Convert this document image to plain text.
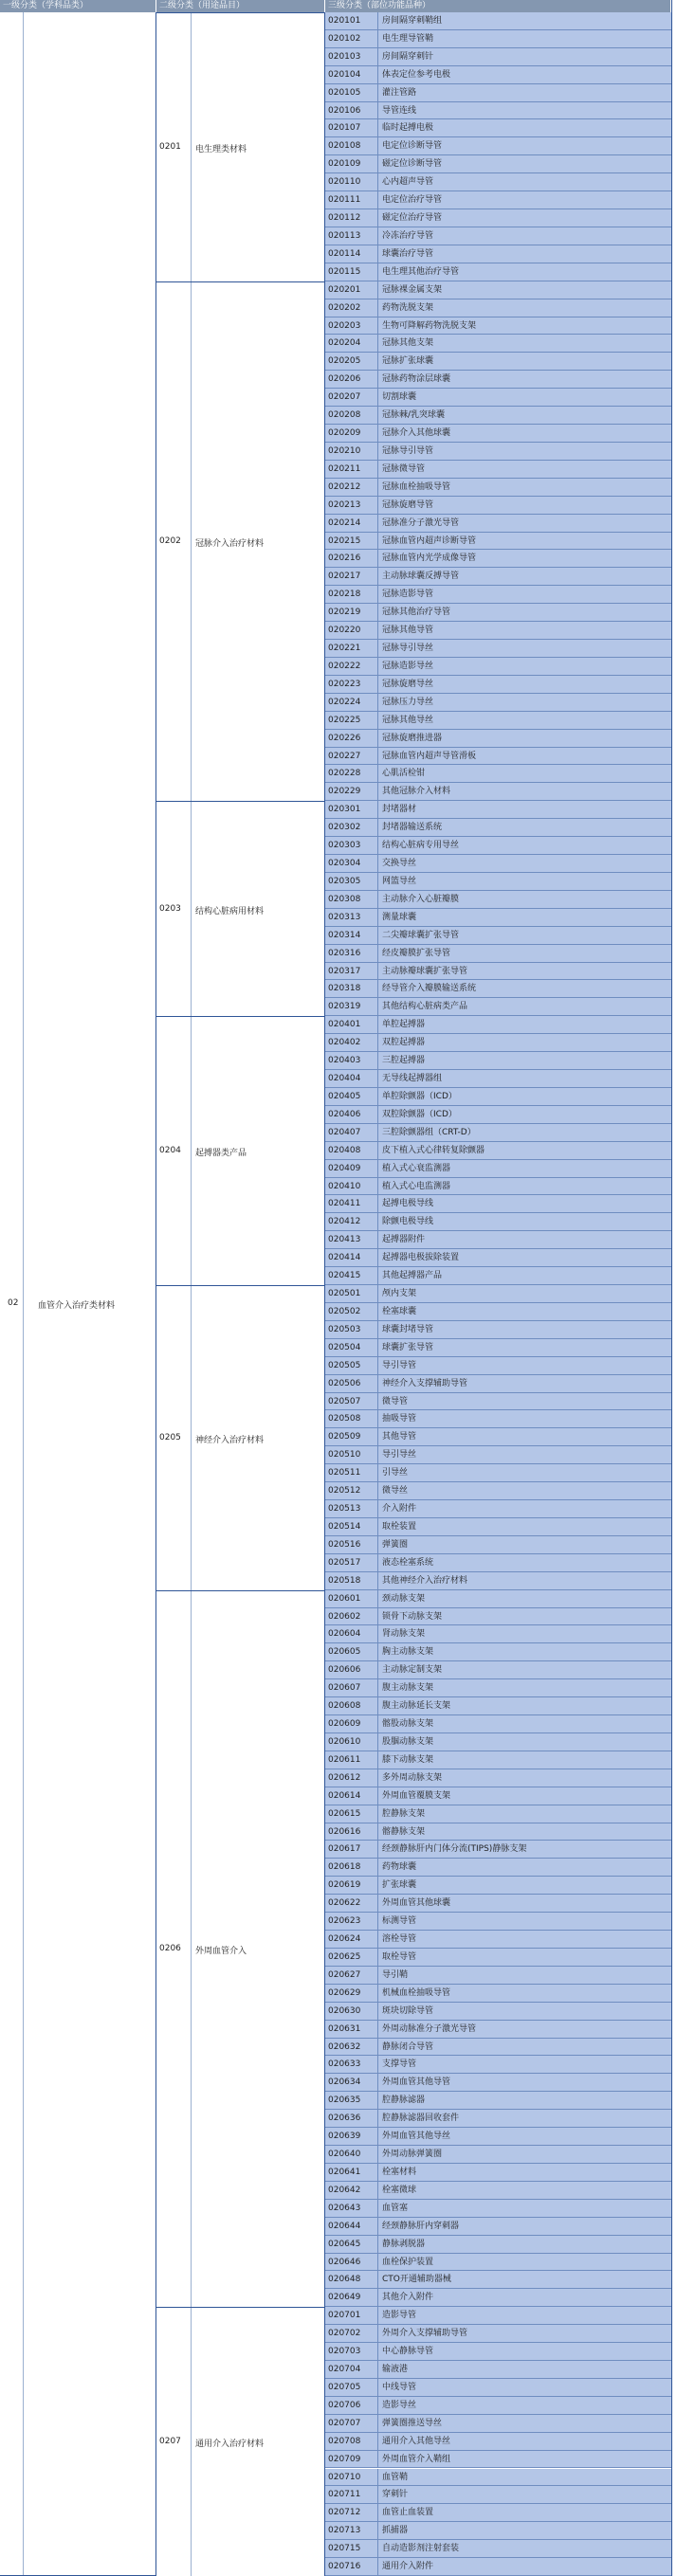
一级分类（学科品类）	二级分类（用途品目）	三级分类（部位功能品种）
02 血管介入治疗类材料
0201 电生理类材料
020101	房间隔穿刺鞘组
020102	电生理导管鞘
020103	房间隔穿刺针
020104	体表定位参考电极
020105	灌注管路
020106	导管连线
020107	临时起搏电极
020108	电定位诊断导管
020109	磁定位诊断导管
020110	心内超声导管
020111	电定位治疗导管
020112	磁定位治疗导管
020113	冷冻治疗导管
020114	球囊治疗导管
020115	电生理其他治疗导管
0202 冠脉介入治疗材料
020201	冠脉裸金属支架
020202	药物洗脱支架
020203	生物可降解药物洗脱支架
020204	冠脉其他支架
020205	冠脉扩张球囊
020206	冠脉药物涂层球囊
020207	切割球囊
020208	冠脉棘/乳突球囊
020209	冠脉介入其他球囊
020210	冠脉导引导管
020211	冠脉微导管
020212	冠脉血栓抽吸导管
020213	冠脉旋磨导管
020214	冠脉准分子激光导管
020215	冠脉血管内超声诊断导管
020216	冠脉血管内光学成像导管
020217	主动脉球囊反搏导管
020218	冠脉造影导管
020219	冠脉其他治疗导管
020220	冠脉其他导管
020221	冠脉导引导丝
020222	冠脉造影导丝
020223	冠脉旋磨导丝
020224	冠脉压力导丝
020225	冠脉其他导丝
020226	冠脉旋磨推进器
020227	冠脉血管内超声导管滑板
020228	心肌活检钳
020229	其他冠脉介入材料
0203 结构心脏病用材料
020301	封堵器材
020302	封堵器输送系统
020303	结构心脏病专用导丝
020304	交换导丝
020305	网篮导丝
020308	主动脉介入心脏瓣膜
020313	测量球囊
020314	二尖瓣球囊扩张导管
020316	经皮瓣膜扩张导管
020317	主动脉瓣球囊扩张导管
020318	经导管介入瓣膜输送系统
020319	其他结构心脏病类产品
0204 起搏器类产品
020401	单腔起搏器
020402	双腔起搏器
020403	三腔起搏器
020404	无导线起搏器组
020405	单腔除颤器（ICD）
020406	双腔除颤器（ICD）
020407	三腔除颤器组（CRT-D）
020408	皮下植入式心律转复除颤器
020409	植入式心衰监测器
020410	植入式心电监测器
020411	起搏电极导线
020412	除颤电极导线
020413	起搏器附件
020414	起搏器电极拔除装置
020415	其他起搏器产品
0205 神经介入治疗材料
020501	颅内支架
020502	栓塞球囊
020503	球囊封堵导管
020504	球囊扩张导管
020505	导引导管
020506	神经介入支撑辅助导管
020507	微导管
020508	抽吸导管
020509	其他导管
020510	导引导丝
020511	引导丝
020512	微导丝
020513	介入附件
020514	取栓装置
020516	弹簧圈
020517	液态栓塞系统
020518	其他神经介入治疗材料
0206 外周血管介入
020601	颈动脉支架
020602	锁骨下动脉支架
020604	肾动脉支架
020605	胸主动脉支架
020606	主动脉定制支架
020607	腹主动脉支架
020608	腹主动脉延长支架
020609	髂股动脉支架
020610	股腘动脉支架
020611	膝下动脉支架
020612	多外周动脉支架
020614	外周血管覆膜支架
020615	腔静脉支架
020616	髂静脉支架
020617	经颈静脉肝内门体分流(TIPS)静脉支架
020618	药物球囊
020619	扩张球囊
020622	外周血管其他球囊
020623	标测导管
020624	溶栓导管
020625	取栓导管
020627	导引鞘
020629	机械血栓抽吸导管
020630	斑块切除导管
020631	外周动脉准分子激光导管
020632	静脉闭合导管
020633	支撑导管
020634	外周血管其他导管
020635	腔静脉滤器
020636	腔静脉滤器回收套件
020639	外周血管其他导丝
020640	外周动脉弹簧圈
020641	栓塞材料
020642	栓塞微球
020643	血管塞
020644	经颈静脉肝内穿刺器
020645	静脉剥脱器
020646	血栓保护装置
020648	CTO开通辅助器械
020649	其他介入附件
0207 通用介入治疗材料
020701	造影导管
020702	外周介入支撑辅助导管
020703	中心静脉导管
020704	输液港
020705	中线导管
020706	造影导丝
020707	弹簧圈推送导丝
020708	通用介入其他导丝
020709	外周血管介入鞘组
020710	血管鞘
020711	穿刺针
020712	血管止血装置
020713	抓捕器
020715	自动造影剂注射套装
020716	通用介入附件
